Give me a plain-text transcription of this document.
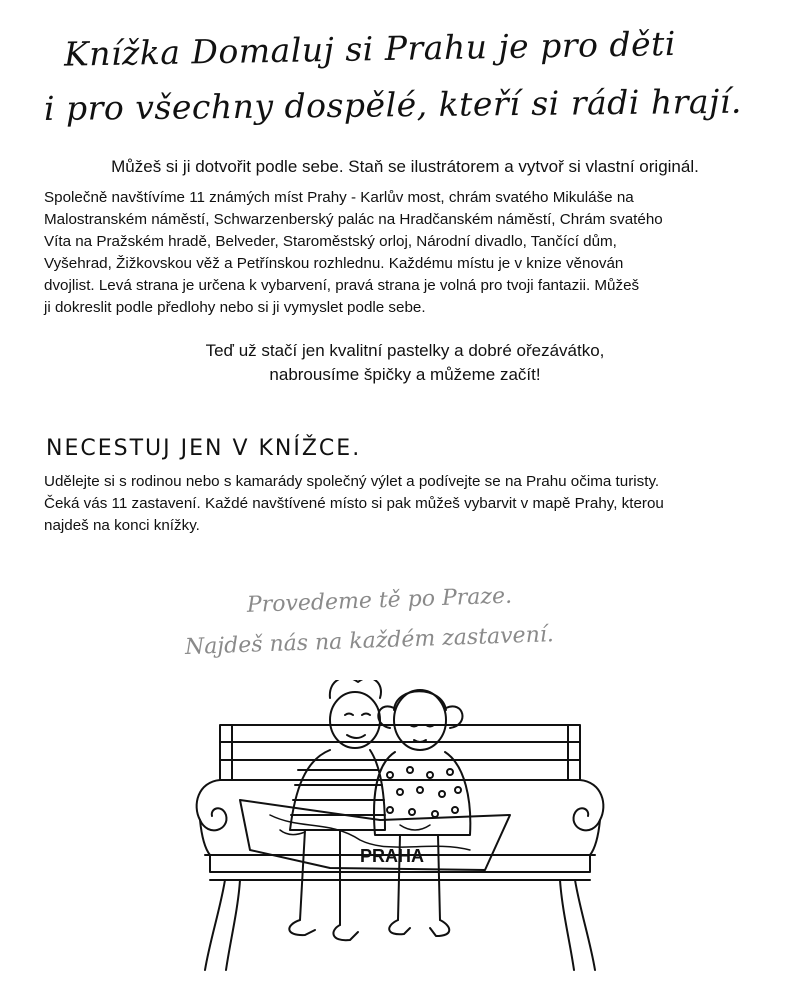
Knížka Domaluj si Prahu je pro děti
i pro všechny dospělé, kteří si rádi hrají.
Můžeš si ji dotvořit podle sebe. Staň se ilustrátorem a vytvoř si vlastní originál.
Společně navštívíme 11 známých míst Prahy - Karlův most, chrám svatého Mikuláše na
Malostranském náměstí, Schwarzenberský palác na Hradčanském náměstí, Chrám svatého
Víta na Pražském hradě, Belveder, Staroměstský orloj, Národní divadlo, Tančící dům,
Vyšehrad, Žižkovskou věž a Petřínskou rozhlednu. Každému místu je v knize věnován
dvojlist. Levá strana je určena k vybarvení, pravá strana je volná pro tvoji fantazii. Můžeš
ji dokreslit podle předlohy nebo si ji vymyslet podle sebe.
Teď už stačí jen kvalitní pastelky a dobré ořezávátko,
nabrousíme špičky a můžeme začít!
NECESTUJ JEN V KNÍŽCE.
Udělejte si s rodinou nebo s kamarády společný výlet a podívejte se na Prahu očima turisty.
Čeká vás 11 zastavení. Každé navštívené místo si pak můžeš vybarvit v mapě Prahy, kterou
najdeš na konci knížky.
Provedeme tě po Praze.
Najdeš nás na každém zastavení.
PRAHA
